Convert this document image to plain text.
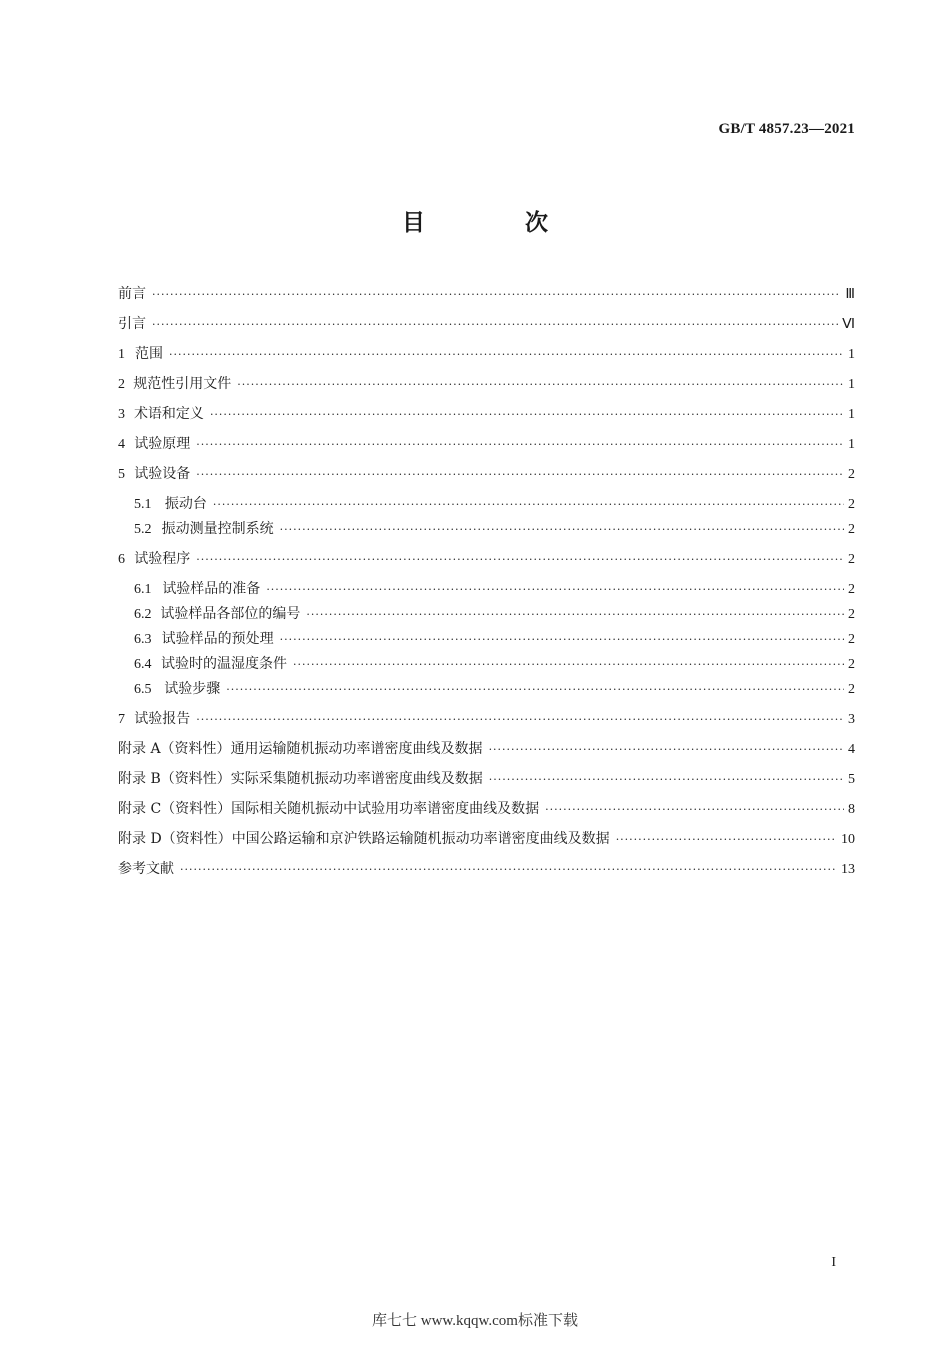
GB/T 4857.23—2021
目 次
前言 ·····	Ⅲ
引言 ·····	Ⅵ
1 范围 ·····	1
2 规范性引用文件 ·····	1
3 术语和定义 ·····	1
4 试验原理 ·····	1
5 试验设备 ·····	2
5.1 振动台 ·····	2
5.2 振动测量控制系统 ·····	2
6 试验程序 ·····	2
6.1 试验样品的准备 ·····	2
6.2 试验样品各部位的编号 ·····	2
6.3 试验样品的预处理 ·····	2
6.4 试验时的温湿度条件 ·····	2
6.5 试验步骤 ·····	2
7 试验报告 ·····	3
附录 A（资料性） 通用运输随机振动功率谱密度曲线及数据 ·····	4
附录 B（资料性） 实际采集随机振动功率谱密度曲线及数据 ·····	5
附录 C（资料性） 国际相关随机振动中试验用功率谱密度曲线及数据 ·····	8
附录 D（资料性） 中国公路运输和京沪铁路运输随机振动功率谱密度曲线及数据 ·····	10
参考文献 ·····	13
I
库七七 www.kqqw.com标准下载
